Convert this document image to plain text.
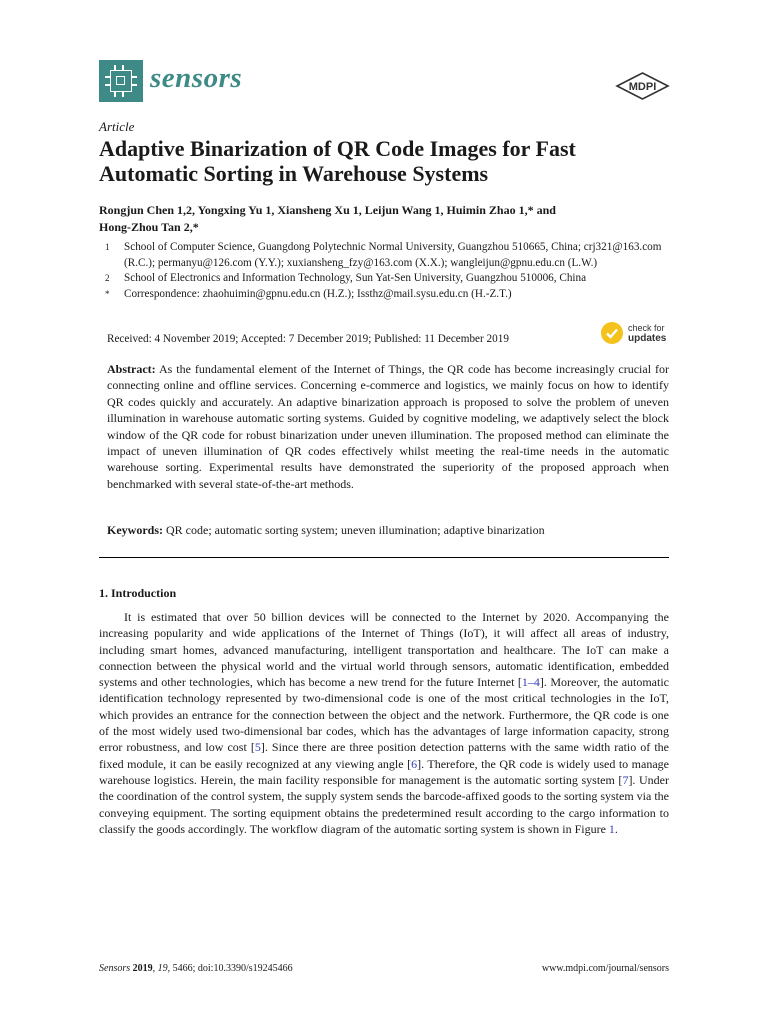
sensors	MDPI
Article
Adaptive Binarization of QR Code Images for Fast Automatic Sorting in Warehouse Systems
Rongjun Chen 1,2, Yongxing Yu 1, Xiansheng Xu 1, Leijun Wang 1, Huimin Zhao 1,* and
Hong-Zhou Tan 2,*
1 School of Computer Science, Guangdong Polytechnic Normal University, Guangzhou 510665, China; crj321@163.com (R.C.); permanyu@126.com (Y.Y.); xuxiansheng_fzy@163.com (X.X.); wangleijun@gpnu.edu.cn (L.W.)
2 School of Electronics and Information Technology, Sun Yat-Sen University, Guangzhou 510006, China
* Correspondence: zhaohuimin@gpnu.edu.cn (H.Z.); Issthz@mail.sysu.edu.cn (H.-Z.T.)
Received: 4 November 2019; Accepted: 7 December 2019; Published: 11 December 2019
check for
updates
Abstract: As the fundamental element of the Internet of Things, the QR code has become increasingly crucial for connecting online and offline services. Concerning e-commerce and logistics, we mainly focus on how to identify QR codes quickly and accurately. An adaptive binarization approach is proposed to solve the problem of uneven illumination in warehouse automatic sorting systems. Guided by cognitive modeling, we adaptively select the block window of the QR code for robust binarization under uneven illumination. The proposed method can eliminate the impact of uneven illumination of QR codes effectively whilst meeting the real-time needs in the automatic warehouse sorting. Experimental results have demonstrated the superiority of the proposed approach when benchmarked with several state-of-the-art methods.
Keywords: QR code; automatic sorting system; uneven illumination; adaptive binarization
1. Introduction
It is estimated that over 50 billion devices will be connected to the Internet by 2020. Accompanying the increasing popularity and wide applications of the Internet of Things (IoT), it will affect all areas of industry, including smart homes, advanced manufacturing, intelligent transportation and healthcare. The IoT can make a connection between the physical world and the virtual world through sensors, automatic identification, embedded systems and other technologies, which has become a new trend for the future Internet [1–4]. Moreover, the automatic identification technology represented by two-dimensional code is one of the most critical technologies in the IoT, which provides an entrance for the connection between the object and the network. Furthermore, the QR code is one of the most widely used two-dimensional bar codes, which has the advantages of large information capacity, strong error robustness, and low cost [5]. Since there are three position detection patterns with the same width ratio of the fixed module, it can be easily recognized at any viewing angle [6]. Therefore, the QR code is widely used to manage warehouse logistics. Herein, the main facility responsible for management is the automatic sorting system [7]. Under the coordination of the control system, the supply system sends the barcode-affixed goods to the sorting system via the conveying equipment. The sorting equipment obtains the predetermined result according to the cargo information to classify the goods accordingly. The workflow diagram of the automatic sorting system is shown in Figure 1.
Sensors 2019, 19, 5466; doi:10.3390/s19245466	www.mdpi.com/journal/sensors
